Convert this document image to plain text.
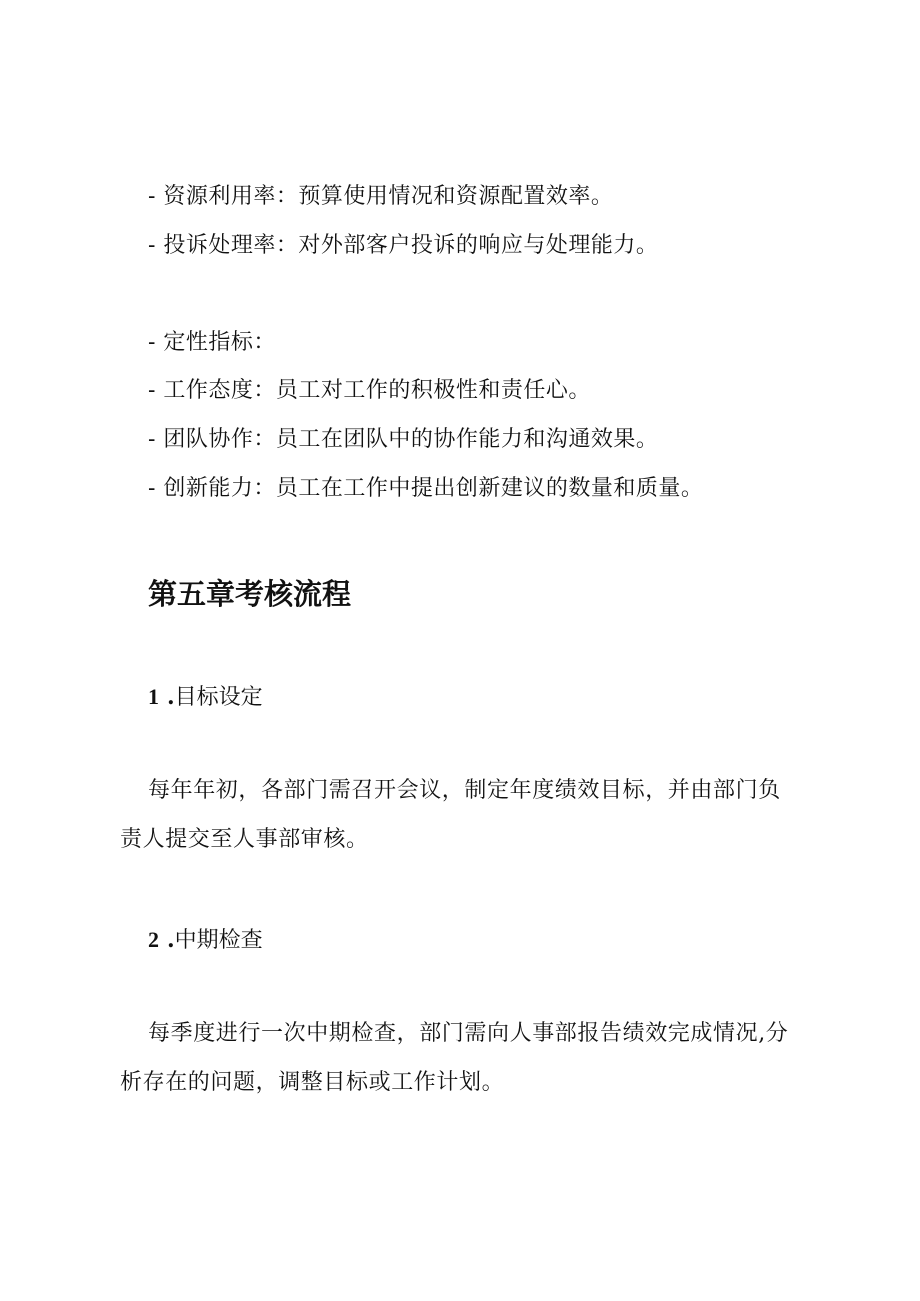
- 资源利用率：预算使用情况和资源配置效率。
- 投诉处理率：对外部客户投诉的响应与处理能力。
- 定性指标：
- 工作态度：员工对工作的积极性和责任心。
- 团队协作：员工在团队中的协作能力和沟通效果。
- 创新能力：员工在工作中提出创新建议的数量和质量。
第五章考核流程
1 .目标设定
每年年初，各部门需召开会议，制定年度绩效目标，并由部门负
责人提交至人事部审核。
2 .中期检查
每季度进行一次中期检查，部门需向人事部报告绩效完成情况,分
析存在的问题，调整目标或工作计划。
